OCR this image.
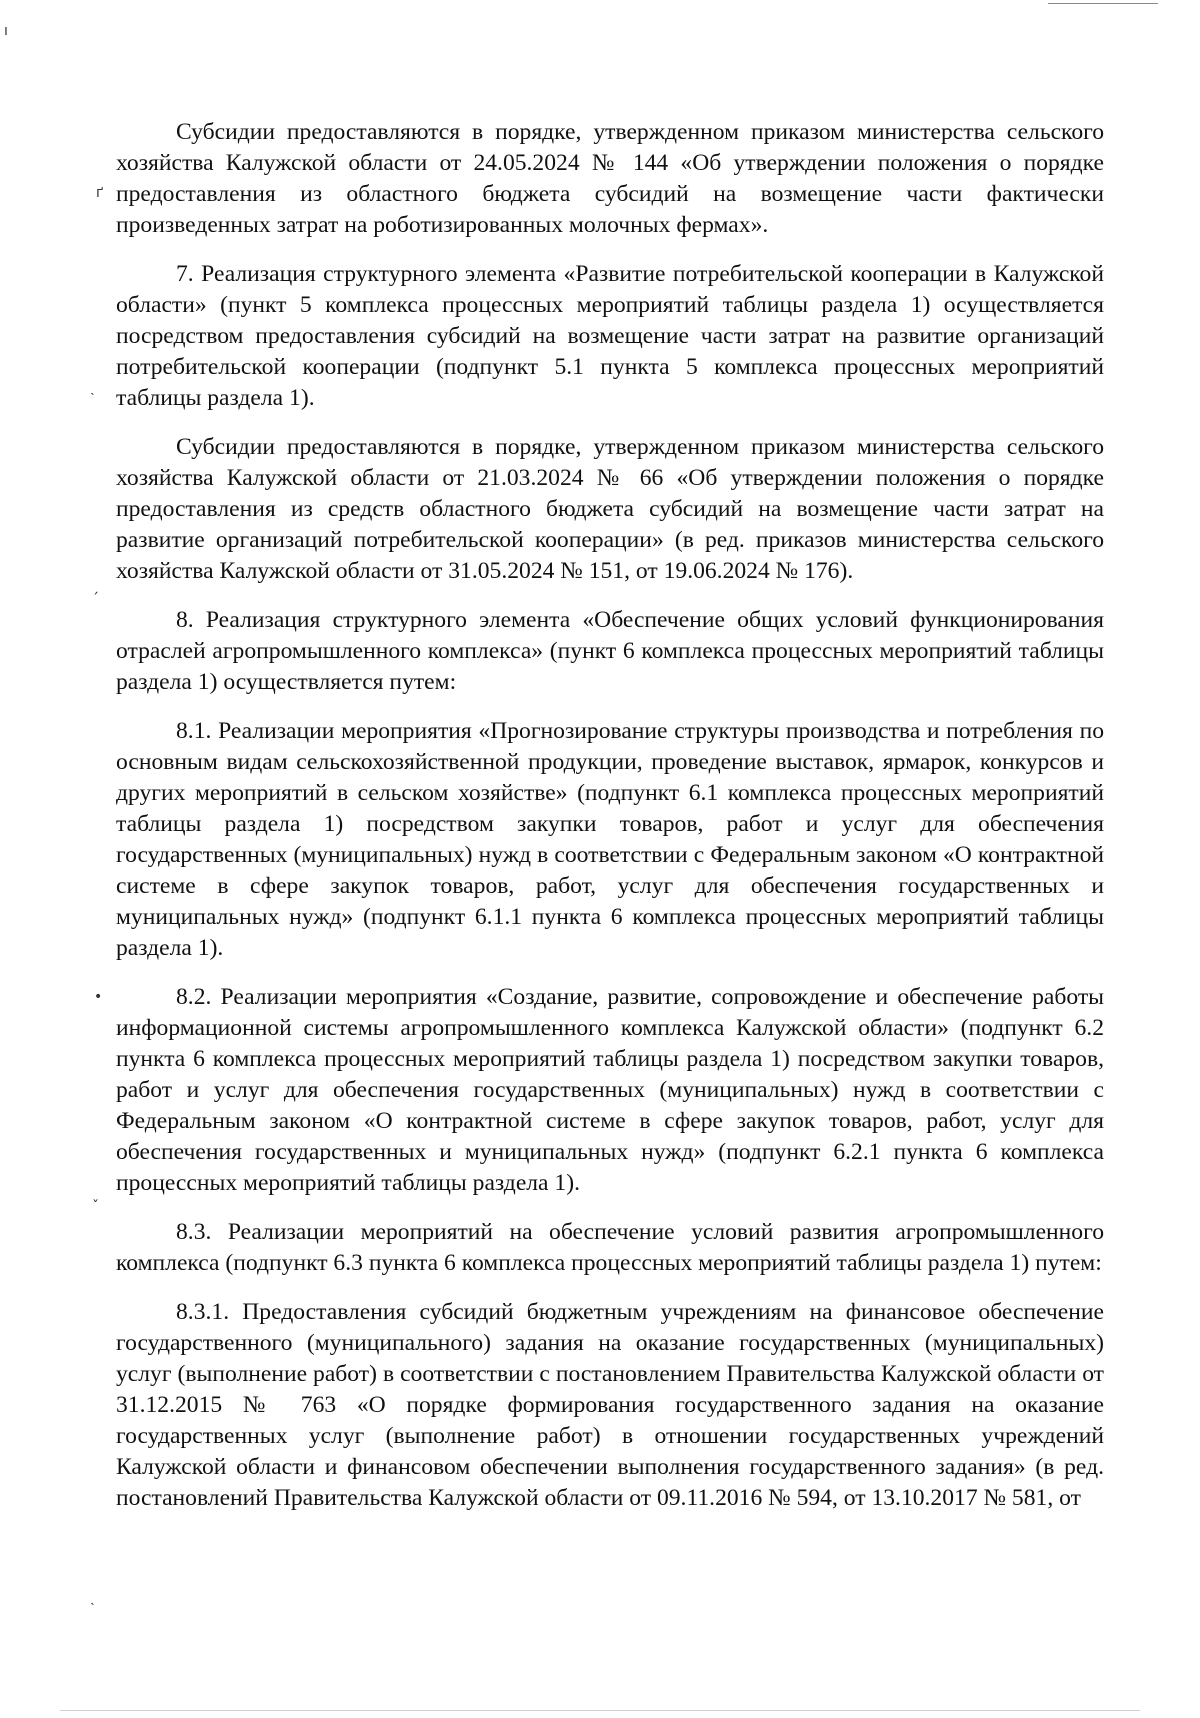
ı
ґ
˴
ˏ
•
ˇ
˴

Субсидии предоставляются в порядке, утвержденном приказом министерства сельского хозяйства Калужской области от 24.05.2024 № 144 «Об утверждении положения о порядке предоставления из областного бюджета субсидий на возмещение части фактически произведенных затрат на роботизированных молочных фермах».

7. Реализация структурного элемента «Развитие потребительской кооперации в Калужской области» (пункт 5 комплекса процессных мероприятий таблицы раздела 1) осуществляется посредством предоставления субсидий на возмещение части затрат на развитие организаций потребительской кооперации (подпункт 5.1 пункта 5 комплекса процессных мероприятий таблицы раздела 1).

Субсидии предоставляются в порядке, утвержденном приказом министерства сельского хозяйства Калужской области от 21.03.2024 № 66 «Об утверждении положения о порядке предоставления из средств областного бюджета субсидий на возмещение части затрат на развитие организаций потребительской кооперации» (в ред. приказов министерства сельского хозяйства Калужской области от 31.05.2024 № 151, от 19.06.2024 № 176).

8. Реализация структурного элемента «Обеспечение общих условий функционирования отраслей агропромышленного комплекса» (пункт 6 комплекса процессных мероприятий таблицы раздела 1) осуществляется путем:

8.1. Реализации мероприятия «Прогнозирование структуры производства и потребления по основным видам сельскохозяйственной продукции, проведение выставок, ярмарок, конкурсов и других мероприятий в сельском хозяйстве» (подпункт 6.1 комплекса процессных мероприятий таблицы раздела 1) посредством закупки товаров, работ и услуг для обеспечения государственных (муниципальных) нужд в соответствии с Федеральным законом «О контрактной системе в сфере закупок товаров, работ, услуг для обеспечения государственных и муниципальных нужд» (подпункт 6.1.1 пункта 6 комплекса процессных мероприятий таблицы раздела 1).

8.2. Реализации мероприятия «Создание, развитие, сопровождение и обеспечение работы информационной системы агропромышленного комплекса Калужской области» (подпункт 6.2 пункта 6 комплекса процессных мероприятий таблицы раздела 1) посредством закупки товаров, работ и услуг для обеспечения государственных (муниципальных) нужд в соответствии с Федеральным законом «О контрактной системе в сфере закупок товаров, работ, услуг для обеспечения государственных и муниципальных нужд» (подпункт 6.2.1 пункта 6 комплекса процессных мероприятий таблицы раздела 1).

8.3. Реализации мероприятий на обеспечение условий развития агропромышленного комплекса (подпункт 6.3 пункта 6 комплекса процессных мероприятий таблицы раздела 1) путем:

8.3.1. Предоставления субсидий бюджетным учреждениям на финансовое обеспечение государственного (муниципального) задания на оказание государственных (муниципальных) услуг (выполнение работ) в соответствии с постановлением Правительства Калужской области от 31.12.2015 № 763 «О порядке формирования государственного задания на оказание государственных услуг (выполнение работ) в отношении государственных учреждений Калужской области и финансовом обеспечении выполнения государственного задания» (в ред. постановлений Правительства Калужской области от 09.11.2016 № 594, от 13.10.2017 № 581, от
